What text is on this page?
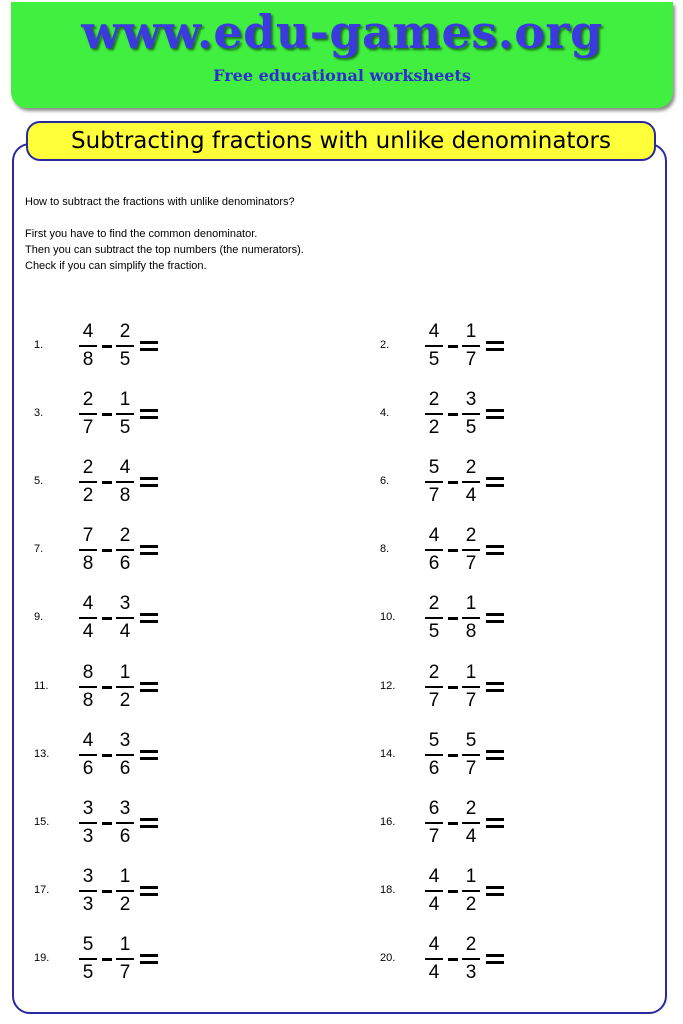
www.edu-games.org
Free educational worksheets
Subtracting fractions with unlike denominators
How to subtract the fractions with unlike denominators?
First you have to find the common denominator.
Then you can subtract the top numbers (the numerators).
Check if you can simplify the fraction.
1.
4
8
2
5
2.
4
5
1
7
3.
2
7
1
5
4.
2
2
3
5
5.
2
2
4
8
6.
5
7
2
4
7.
7
8
2
6
8.
4
6
2
7
9.
4
4
3
4
10.
2
5
1
8
11.
8
8
1
2
12.
2
7
1
7
13.
4
6
3
6
14.
5
6
5
7
15.
3
3
3
6
16.
6
7
2
4
17.
3
3
1
2
18.
4
4
1
2
19.
5
5
1
7
20.
4
4
2
3
